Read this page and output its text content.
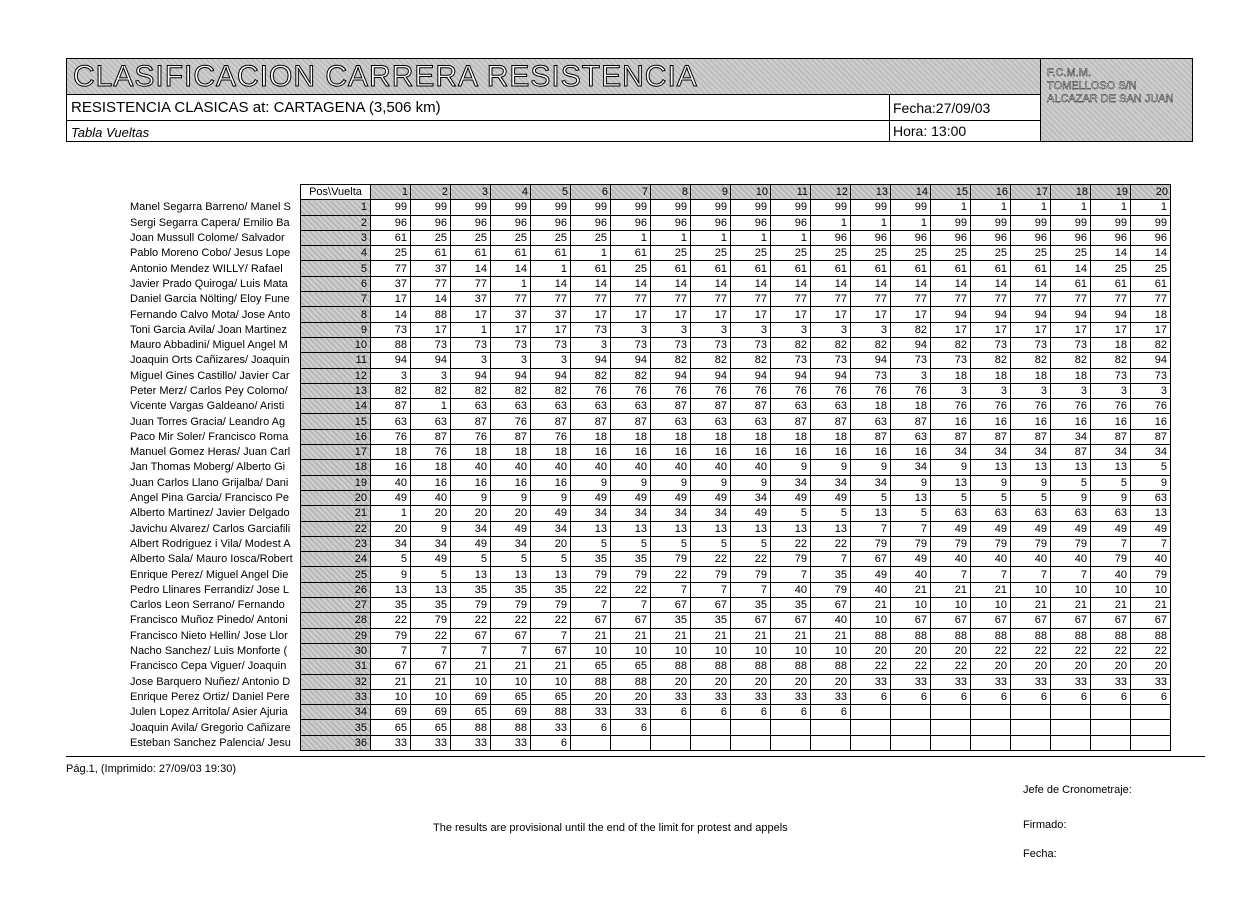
CLASIFICACION CARRERA RESISTENCIA
RESISTENCIA CLASICAS at: CARTAGENA (3,506 km)
Tabla Vueltas
Fecha:27/09/03
Hora: 13:00
F.C.M.M.
TOMELLOSO S/N
ALCAZAR DE SAN JUAN
	Pos\Vuelta	1	2	3	4	5	6	7	8	9	10	11	12	13	14	15	16	17	18	19	20
Manel Segarra Barreno/ Manel S	1	99	99	99	99	99	99	99	99	99	99	99	99	99	99	1	1	1	1	1	1
Sergi Segarra Capera/ Emilio Ba	2	96	96	96	96	96	96	96	96	96	96	96	1	1	1	99	99	99	99	99	99
Joan Mussull Colome/ Salvador	3	61	25	25	25	25	25	1	1	1	1	1	96	96	96	96	96	96	96	96	96
Pablo Moreno Cobo/ Jesus Lope	4	25	61	61	61	61	1	61	25	25	25	25	25	25	25	25	25	25	25	14	14
Antonio Mendez WILLY/ Rafael	5	77	37	14	14	1	61	25	61	61	61	61	61	61	61	61	61	61	14	25	25
Javier Prado Quiroga/ Luis Mata	6	37	77	77	1	14	14	14	14	14	14	14	14	14	14	14	14	14	61	61	61
Daniel Garcia Nölting/ Eloy Fune	7	17	14	37	77	77	77	77	77	77	77	77	77	77	77	77	77	77	77	77	77
Fernando Calvo Mota/ Jose Anto	8	14	88	17	37	37	17	17	17	17	17	17	17	17	17	94	94	94	94	94	18
Toni Garcia Avila/ Joan Martinez	9	73	17	1	17	17	73	3	3	3	3	3	3	3	82	17	17	17	17	17	17
Mauro Abbadini/ Miguel Angel M	10	88	73	73	73	73	3	73	73	73	73	82	82	82	94	82	73	73	73	18	82
Joaquin Orts Cañizares/ Joaquin	11	94	94	3	3	3	94	94	82	82	82	73	73	94	73	73	82	82	82	82	94
Miguel Gines Castillo/ Javier Car	12	3	3	94	94	94	82	82	94	94	94	94	94	73	3	18	18	18	18	73	73
Peter Merz/ Carlos Pey Colomo/	13	82	82	82	82	82	76	76	76	76	76	76	76	76	76	3	3	3	3	3	3
Vicente Vargas Galdeano/ Aristi	14	87	1	63	63	63	63	63	87	87	87	63	63	18	18	76	76	76	76	76	76
Juan Torres Gracia/ Leandro Ag	15	63	63	87	76	87	87	87	63	63	63	87	87	63	87	16	16	16	16	16	16
Paco Mir Soler/ Francisco Roma	16	76	87	76	87	76	18	18	18	18	18	18	18	87	63	87	87	87	34	87	87
Manuel Gomez Heras/ Juan Carl	17	18	76	18	18	18	16	16	16	16	16	16	16	16	16	34	34	34	87	34	34
Jan Thomas Moberg/ Alberto Gi	18	16	18	40	40	40	40	40	40	40	40	9	9	9	34	9	13	13	13	13	5
Juan Carlos Llano Grijalba/ Dani	19	40	16	16	16	16	9	9	9	9	9	34	34	34	9	13	9	9	5	5	9
Angel Pina Garcia/ Francisco Pe	20	49	40	9	9	9	49	49	49	49	34	49	49	5	13	5	5	5	9	9	63
Alberto Martinez/ Javier Delgado	21	1	20	20	20	49	34	34	34	34	49	5	5	13	5	63	63	63	63	63	13
Javichu Alvarez/ Carlos Garciafili	22	20	9	34	49	34	13	13	13	13	13	13	13	7	7	49	49	49	49	49	49
Albert Rodriguez i Vila/ Modest A	23	34	34	49	34	20	5	5	5	5	5	22	22	79	79	79	79	79	79	7	7
Alberto Sala/ Mauro Iosca/Robert	24	5	49	5	5	5	35	35	79	22	22	79	7	67	49	40	40	40	40	79	40
Enrique Perez/ Miguel Angel Die	25	9	5	13	13	13	79	79	22	79	79	7	35	49	40	7	7	7	7	40	79
Pedro Llinares Ferrandiz/ Jose L	26	13	13	35	35	35	22	22	7	7	7	40	79	40	21	21	21	10	10	10	10
Carlos Leon Serrano/ Fernando	27	35	35	79	79	79	7	7	67	67	35	35	67	21	10	10	10	21	21	21	21
Francisco Muñoz Pinedo/ Antoni	28	22	79	22	22	22	67	67	35	35	67	67	40	10	67	67	67	67	67	67	67
Francisco Nieto Hellin/ Jose Llor	29	79	22	67	67	7	21	21	21	21	21	21	21	88	88	88	88	88	88	88	88
Nacho Sanchez/ Luis Monforte (	30	7	7	7	7	67	10	10	10	10	10	10	10	20	20	20	22	22	22	22	22
Francisco Cepa Viguer/ Joaquin	31	67	67	21	21	21	65	65	88	88	88	88	88	22	22	22	20	20	20	20	20
Jose Barquero Nuñez/ Antonio D	32	21	21	10	10	10	88	88	20	20	20	20	20	33	33	33	33	33	33	33	33
Enrique Perez Ortiz/ Daniel Pere	33	10	10	69	65	65	20	20	33	33	33	33	33	6	6	6	6	6	6	6	6
Julen Lopez Arritola/ Asier Ajuria	34	69	69	65	69	88	33	33	6	6	6	6	6								
Joaquin Avila/ Gregorio Cañizare	35	65	65	88	88	33	6	6													
Esteban Sanchez Palencia/ Jesu	36	33	33	33	33	6															
Pág.1, (Imprimido: 27/09/03 19:30)
The results are provisional until the end of the limit for protest and appels
Jefe de Cronometraje:
Firmado:
Fecha:
